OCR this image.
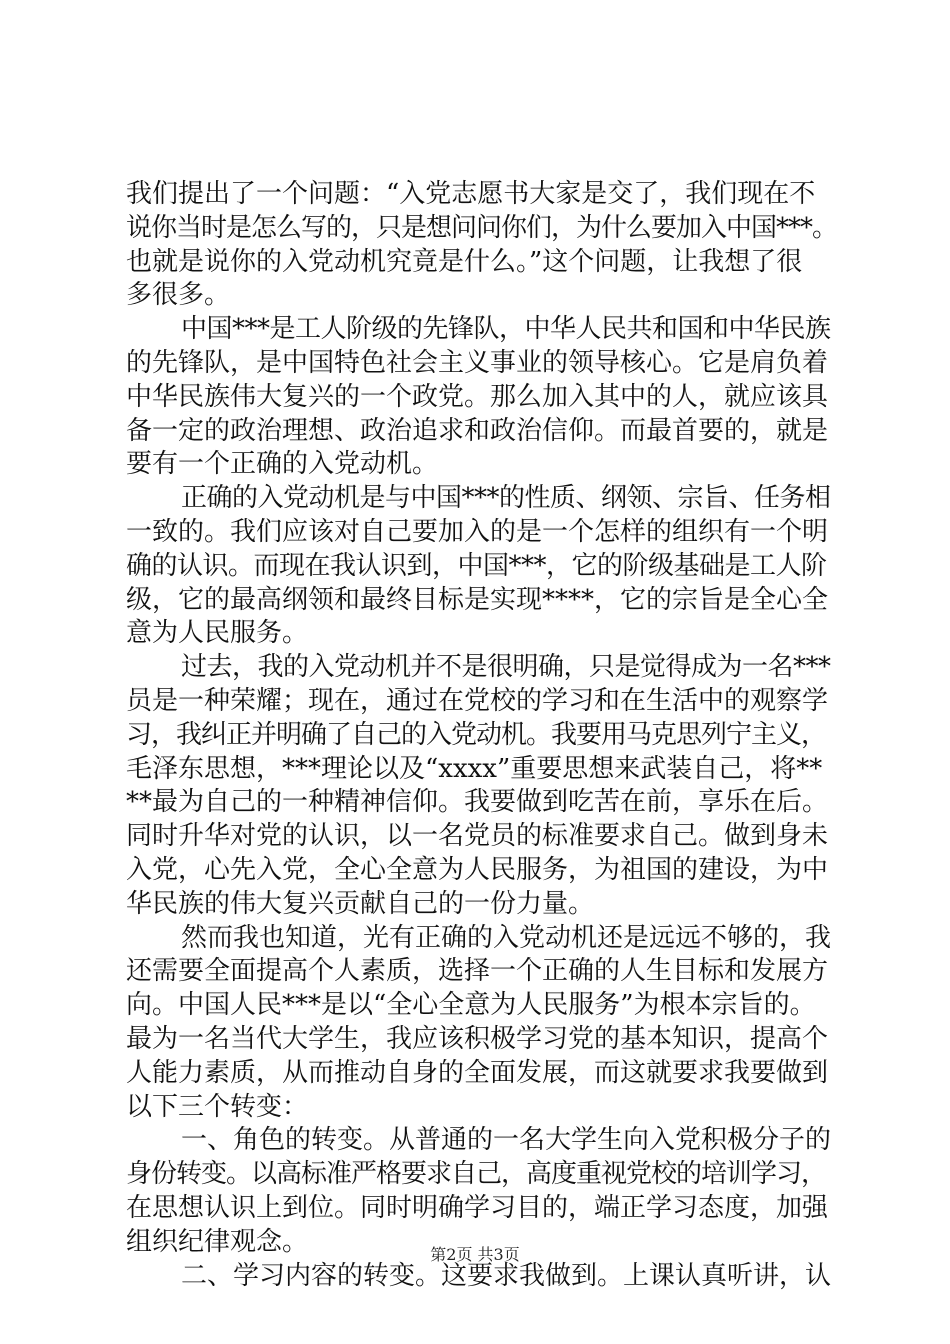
我们提出了一个问题：“入党志愿书大家是交了，我们现在不
说你当时是怎么写的，只是想问问你们，为什么要加入中国***。
也就是说你的入党动机究竟是什么。”这个问题，让我想了很
多很多。
中国***是工人阶级的先锋队，中华人民共和国和中华民族
的先锋队，是中国特色社会主义事业的领导核心。它是肩负着
中华民族伟大复兴的一个政党。那么加入其中的人，就应该具
备一定的政治理想、政治追求和政治信仰。而最首要的，就是
要有一个正确的入党动机。
正确的入党动机是与中国***的性质、纲领、宗旨、任务相
一致的。我们应该对自己要加入的是一个怎样的组织有一个明
确的认识。而现在我认识到，中国***，它的阶级基础是工人阶
级，它的最高纲领和最终目标是实现****，它的宗旨是全心全
意为人民服务。
过去，我的入党动机并不是很明确，只是觉得成为一名***
员是一种荣耀；现在，通过在党校的学习和在生活中的观察学
习，我纠正并明确了自己的入党动机。我要用马克思列宁主义，
毛泽东思想，***理论以及“xxxx”重要思想来武装自己，将**
**最为自己的一种精神信仰。我要做到吃苦在前，享乐在后。
同时升华对党的认识，以一名党员的标准要求自己。做到身未
入党，心先入党，全心全意为人民服务，为祖国的建设，为中
华民族的伟大复兴贡献自己的一份力量。
然而我也知道，光有正确的入党动机还是远远不够的，我
还需要全面提高个人素质，选择一个正确的人生目标和发展方
向。中国人民***是以“全心全意为人民服务”为根本宗旨的。
最为一名当代大学生，我应该积极学习党的基本知识，提高个
人能力素质，从而推动自身的全面发展，而这就要求我要做到
以下三个转变：
一、角色的转变。从普通的一名大学生向入党积极分子的
身份转变。以高标准严格要求自己，高度重视党校的培训学习，
在思想认识上到位。同时明确学习目的，端正学习态度，加强
组织纪律观念。
二、学习内容的转变。这要求我做到。上课认真听讲，认
第2页 共3页
